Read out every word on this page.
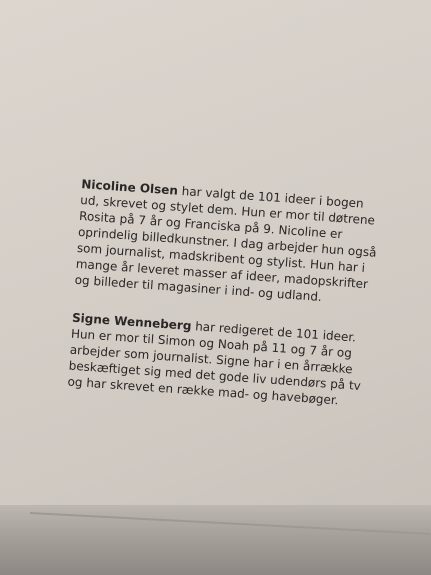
Nicoline Olsen har valgt de 101 ideer i bogen ud, skrevet og stylet dem. Hun er mor til døtrene Rosita på 7 år og Franciska på 9. Nicoline er oprindelig billedkunstner. I dag arbejder hun også som journalist, madskribent og stylist. Hun har i mange år leveret masser af ideer, madopskrifter og billeder til magasiner i ind- og udland.

Signe Wenneberg har redigeret de 101 ideer. Hun er mor til Simon og Noah på 11 og 7 år og arbejder som journalist. Signe har i en årrække beskæftiget sig med det gode liv udendørs på tv og har skrevet en række mad- og havebøger.
